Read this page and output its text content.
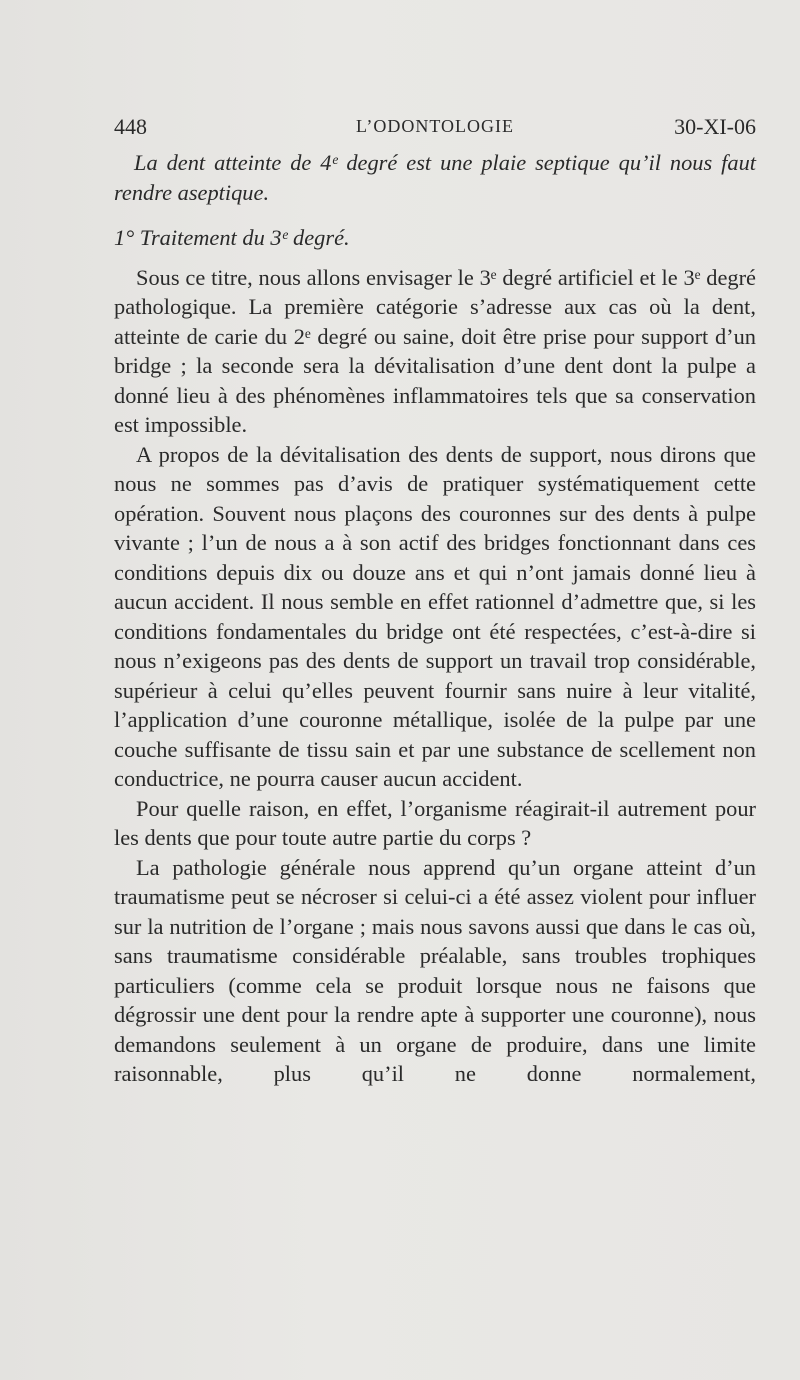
448	L’ODONTOLOGIE	30-XI-06

La dent atteinte de 4ᵉ degré est une plaie septique qu’il nous faut rendre aseptique.

1° Traitement du 3ᵉ degré.

Sous ce titre, nous allons envisager le 3ᵉ degré artificiel et le 3ᵉ degré pathologique. La première catégorie s’adresse aux cas où la dent, atteinte de carie du 2ᵉ degré ou saine, doit être prise pour support d’un bridge ; la seconde sera la dévitalisation d’une dent dont la pulpe a donné lieu à des phénomènes inflammatoires tels que sa conservation est impossible.

A propos de la dévitalisation des dents de support, nous dirons que nous ne sommes pas d’avis de pratiquer systématiquement cette opération. Souvent nous plaçons des couronnes sur des dents à pulpe vivante ; l’un de nous a à son actif des bridges fonctionnant dans ces conditions depuis dix ou douze ans et qui n’ont jamais donné lieu à aucun accident. Il nous semble en effet rationnel d’admettre que, si les conditions fondamentales du bridge ont été respectées, c’est-à-dire si nous n’exigeons pas des dents de support un travail trop considérable, supérieur à celui qu’elles peuvent fournir sans nuire à leur vitalité, l’application d’une couronne métallique, isolée de la pulpe par une couche suffisante de tissu sain et par une substance de scellement non conductrice, ne pourra causer aucun accident.

Pour quelle raison, en effet, l’organisme réagirait-il autrement pour les dents que pour toute autre partie du corps ?

La pathologie générale nous apprend qu’un organe atteint d’un traumatisme peut se nécroser si celui-ci a été assez violent pour influer sur la nutrition de l’organe ; mais nous savons aussi que dans le cas où, sans traumatisme considérable préalable, sans troubles trophiques particuliers (comme cela se produit lorsque nous ne faisons que dégrossir une dent pour la rendre apte à supporter une couronne), nous demandons seulement à un organe de produire, dans une limite raisonnable, plus qu’il ne donne normalement,
